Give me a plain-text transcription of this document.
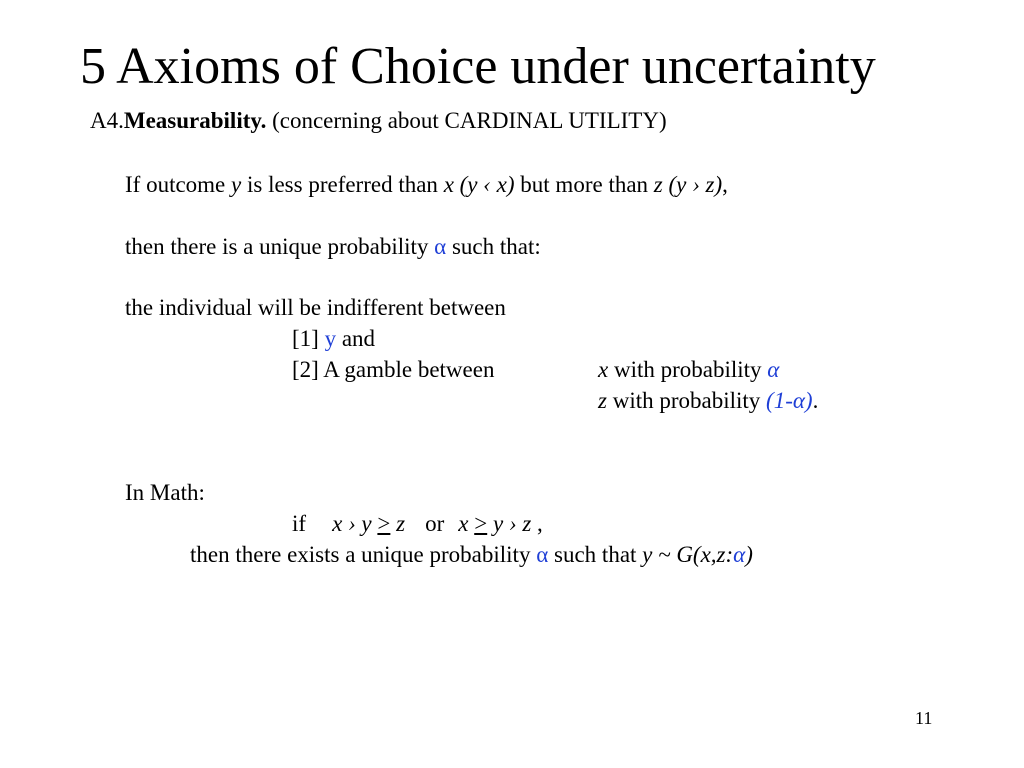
5 Axioms of Choice under uncertainty
A4.Measurability. (concerning about CARDINAL UTILITY)
If outcome y is less preferred than x (y ‹ x) but more than z (y › z),
then there is a unique probability α such that:
the individual will be indifferent between
[1] y and
[2] A gamble between	x with probability α
z with probability (1-α).
In Math:
if x › y > z or x > y › z ,
then there exists a unique probability α such that y ~ G(x,z:α)
11
